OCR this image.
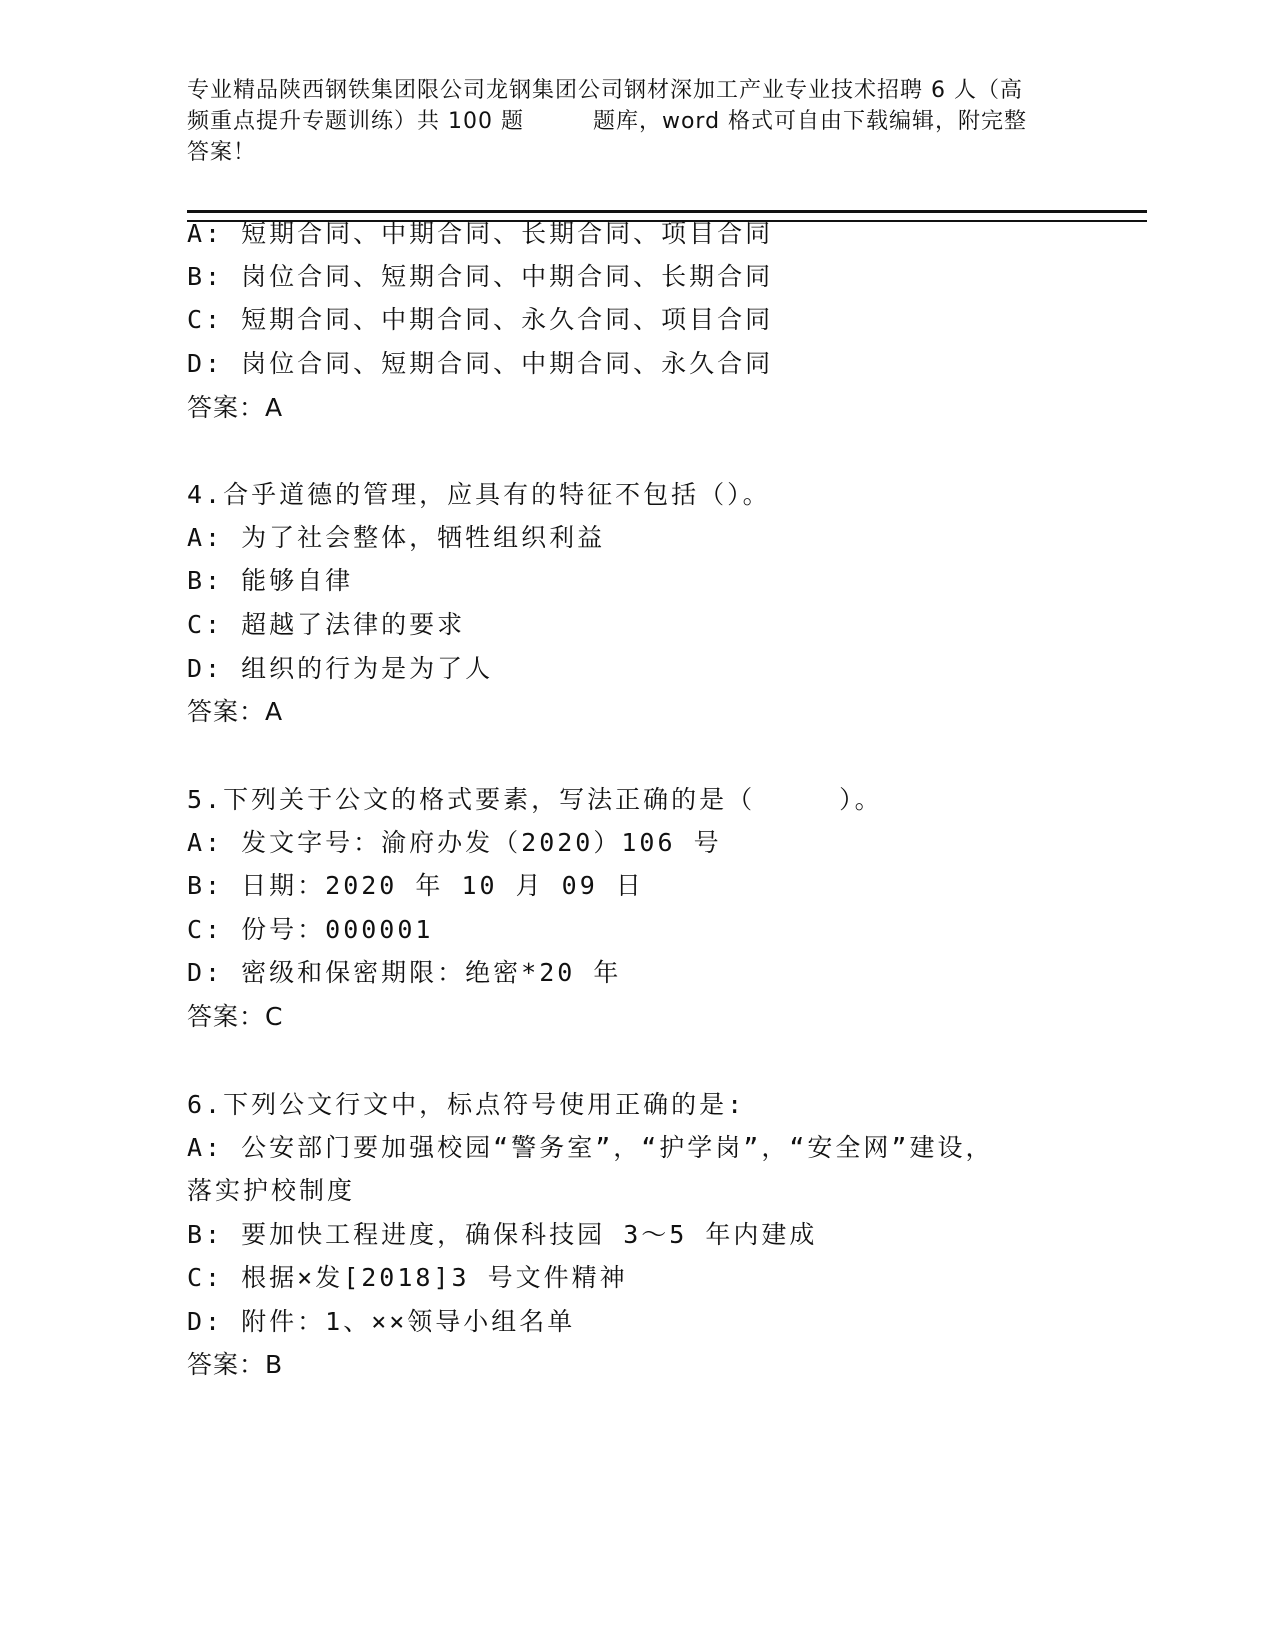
专业精品陕西钢铁集团限公司龙钢集团公司钢材深加工产业专业技术招聘 6 人（高
频重点提升专题训练）共 100 题　　　题库，word 格式可自由下载编辑，附完整
答案！
A: 短期合同、中期合同、长期合同、项目合同
B: 岗位合同、短期合同、中期合同、长期合同
C: 短期合同、中期合同、永久合同、项目合同
D: 岗位合同、短期合同、中期合同、永久合同
答案：A
4.合乎道德的管理，应具有的特征不包括（）。
A: 为了社会整体，牺牲组织利益
B: 能够自律
C: 超越了法律的要求
D: 组织的行为是为了人
答案：A
5.下列关于公文的格式要素，写法正确的是（　　　）。
A: 发文字号：渝府办发（2020）106 号
B: 日期：2020 年 10 月 09 日
C: 份号：000001
D: 密级和保密期限：绝密*20 年
答案：C
6.下列公文行文中，标点符号使用正确的是:
A: 公安部门要加强校园“警务室”，“护学岗”，“安全网”建设，
落实护校制度
B: 要加快工程进度，确保科技园 3～5 年内建成
C: 根据×发[2018]3 号文件精神
D: 附件：1、××领导小组名单
答案：B
